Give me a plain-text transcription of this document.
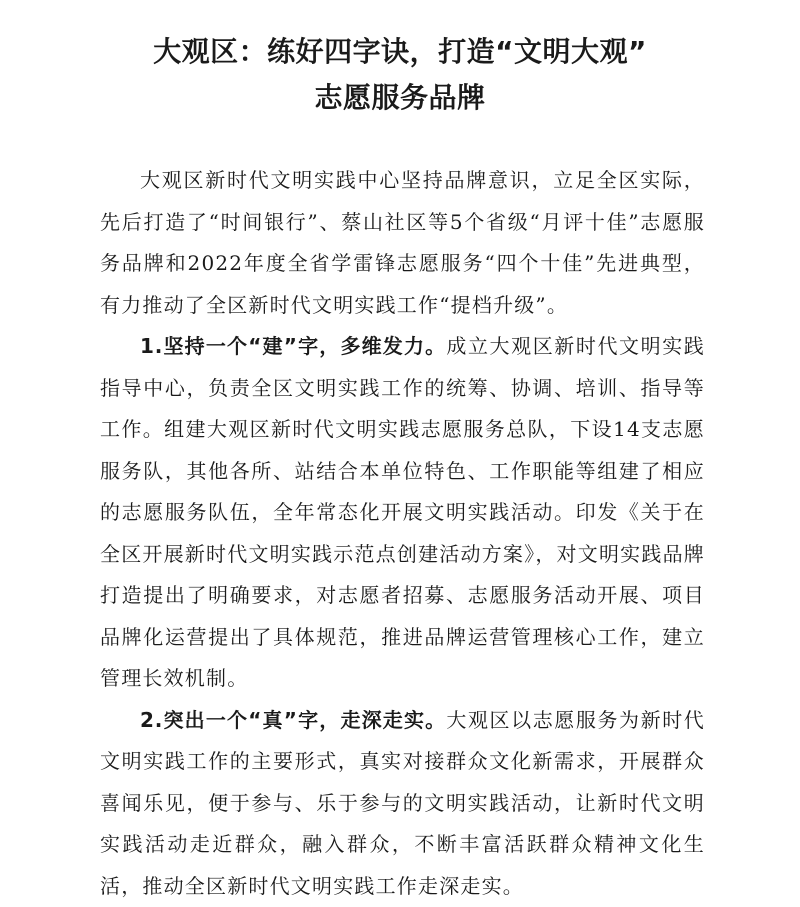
大观区：练好四字诀，打造“文明大观”
志愿服务品牌

大观区新时代文明实践中心坚持品牌意识，立足全区实际，先后打造了“时间银行”、蔡山社区等5个省级“月评十佳”志愿服务品牌和2022年度全省学雷锋志愿服务“四个十佳”先进典型，有力推动了全区新时代文明实践工作“提档升级”。

1.坚持一个“建”字，多维发力。成立大观区新时代文明实践指导中心，负责全区文明实践工作的统筹、协调、培训、指导等工作。组建大观区新时代文明实践志愿服务总队，下设14支志愿服务队，其他各所、站结合本单位特色、工作职能等组建了相应的志愿服务队伍，全年常态化开展文明实践活动。印发《关于在全区开展新时代文明实践示范点创建活动方案》，对文明实践品牌打造提出了明确要求，对志愿者招募、志愿服务活动开展、项目品牌化运营提出了具体规范，推进品牌运营管理核心工作，建立管理长效机制。

2.突出一个“真”字，走深走实。大观区以志愿服务为新时代文明实践工作的主要形式，真实对接群众文化新需求，开展群众喜闻乐见，便于参与、乐于参与的文明实践活动，让新时代文明实践活动走近群众，融入群众，不断丰富活跃群众精神文化生活，推动全区新时代文明实践工作走深走实。
